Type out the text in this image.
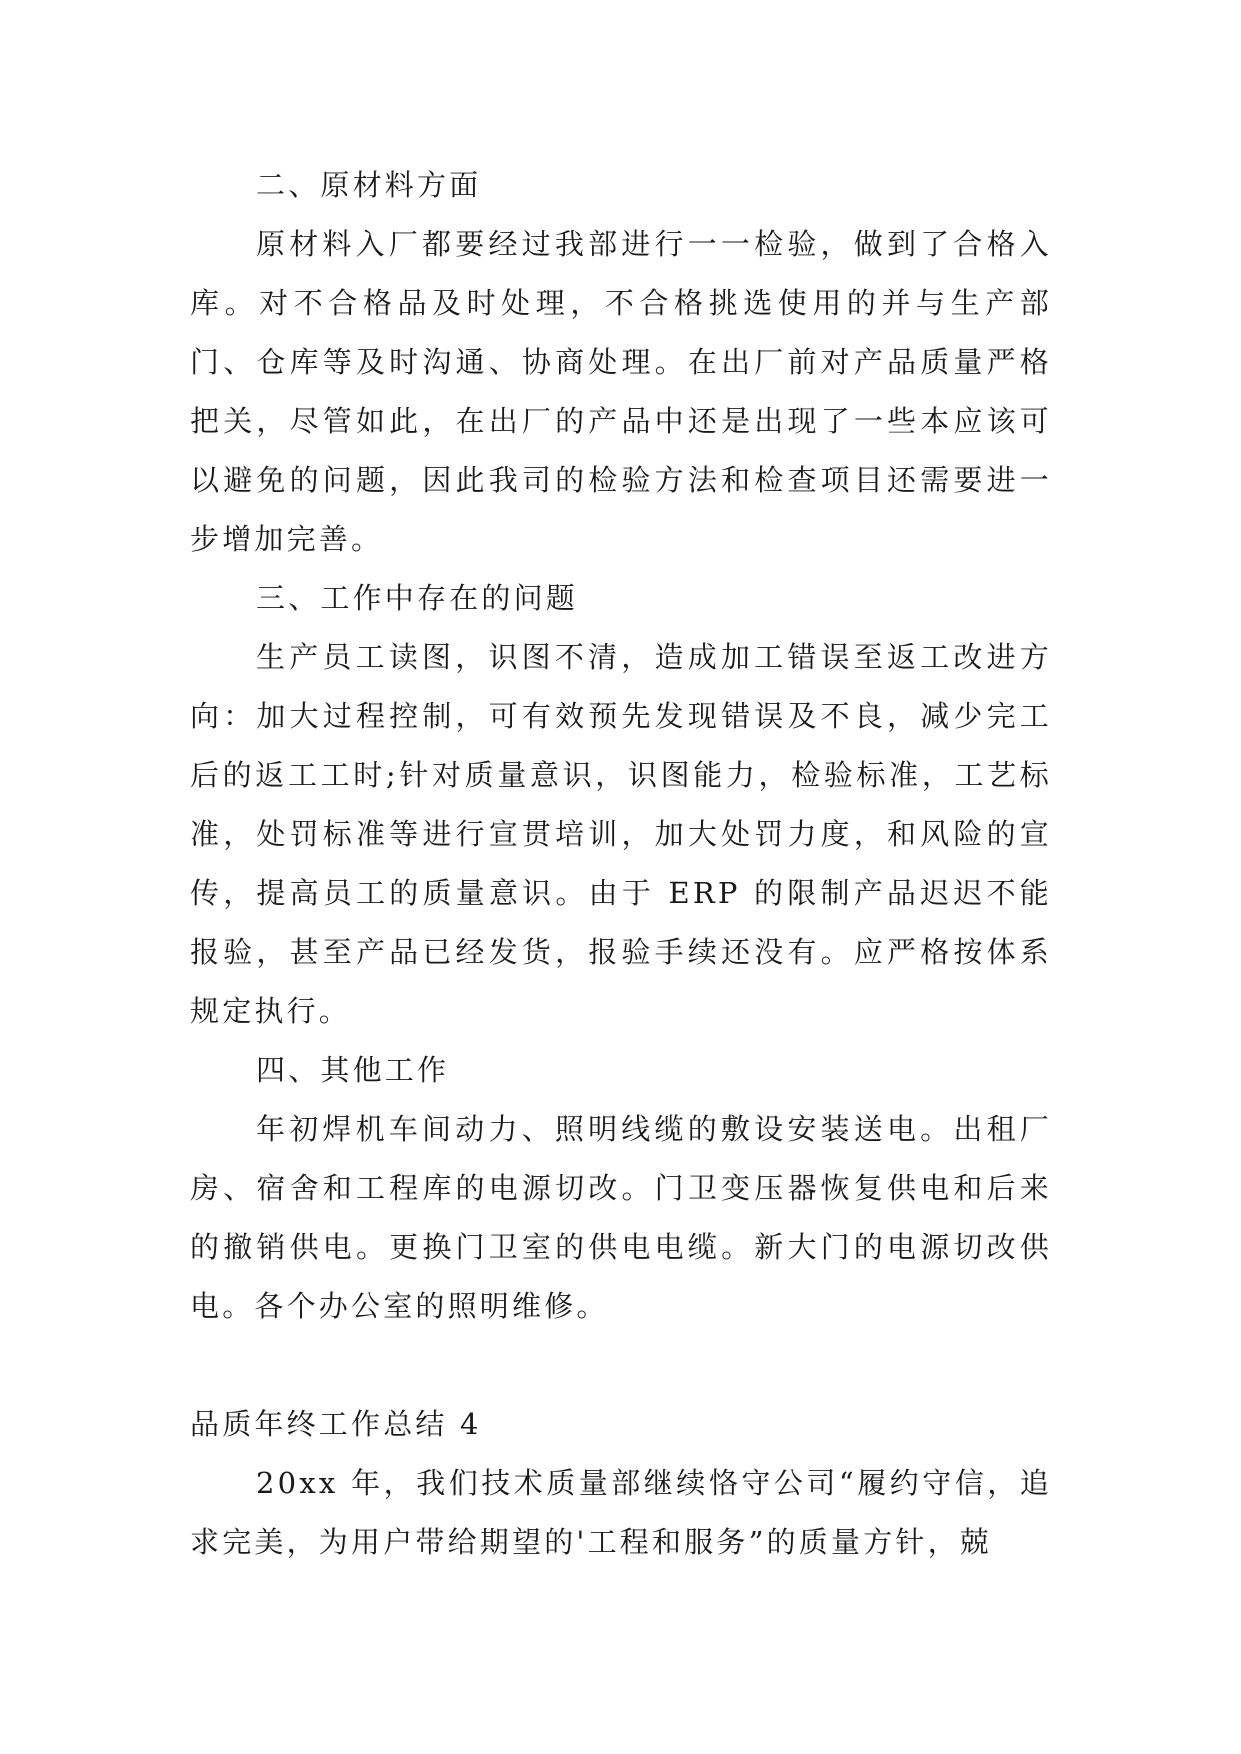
二、原材料方面

原材料入厂都要经过我部进行一一检验，做到了合格入库。对不合格品及时处理，不合格挑选使用的并与生产部门、仓库等及时沟通、协商处理。在出厂前对产品质量严格把关，尽管如此，在出厂的产品中还是出现了一些本应该可以避免的问题，因此我司的检验方法和检查项目还需要进一步增加完善。

三、工作中存在的问题

生产员工读图，识图不清，造成加工错误至返工改进方向：加大过程控制，可有效预先发现错误及不良，减少完工后的返工工时;针对质量意识，识图能力，检验标准，工艺标准，处罚标准等进行宣贯培训，加大处罚力度，和风险的宣传，提高员工的质量意识。由于 ERP 的限制产品迟迟不能报验，甚至产品已经发货，报验手续还没有。应严格按体系规定执行。

四、其他工作

年初焊机车间动力、照明线缆的敷设安装送电。出租厂房、宿舍和工程库的电源切改。门卫变压器恢复供电和后来的撤销供电。更换门卫室的供电电缆。新大门的电源切改供电。各个办公室的照明维修。

品质年终工作总结 4

20xx 年，我们技术质量部继续恪守公司“履约守信，追求完美，为用户带给期望的'工程和服务”的质量方针，兢
